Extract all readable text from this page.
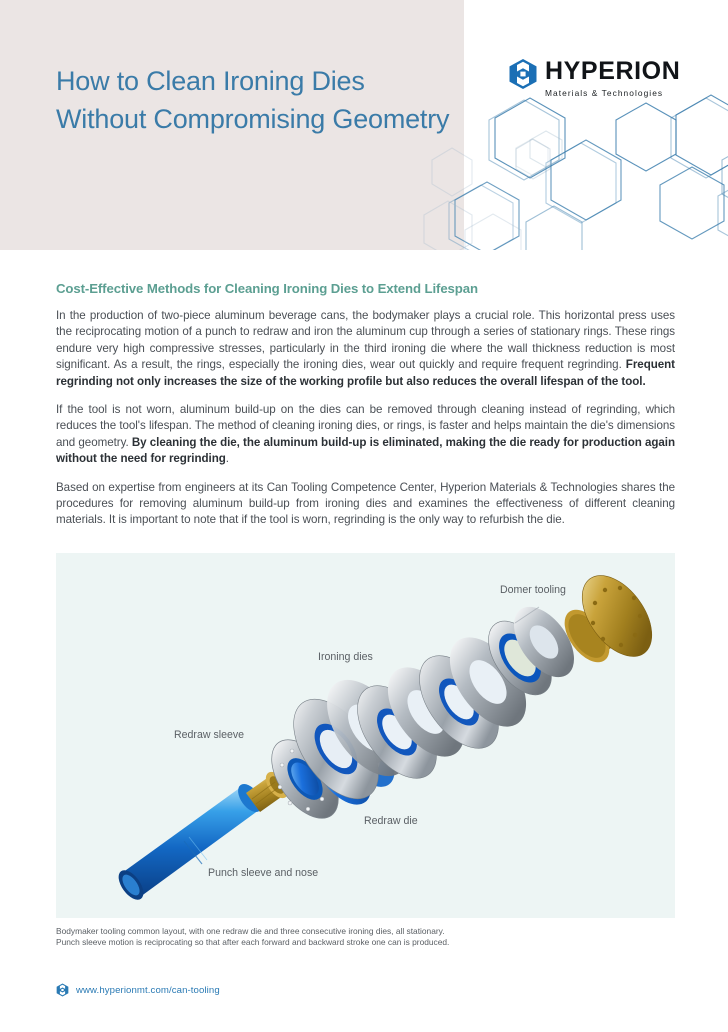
How to Clean Ironing Dies Without Compromising Geometry
HYPERION
Materials & Technologies
Cost-Effective Methods for Cleaning Ironing Dies to Extend Lifespan

In the production of two-piece aluminum beverage cans, the bodymaker plays a crucial role. This horizontal press uses the reciprocating motion of a punch to redraw and iron the aluminum cup through a series of stationary rings. These rings endure very high compressive stresses, particularly in the third ironing die where the wall thickness reduction is most significant. As a result, the rings, especially the ironing dies, wear out quickly and require frequent regrinding. Frequent regrinding not only increases the size of the working profile but also reduces the overall lifespan of the tool.

If the tool is not worn, aluminum build-up on the dies can be removed through cleaning instead of regrinding, which reduces the tool's lifespan. The method of cleaning ironing dies, or rings, is faster and helps maintain the die's dimensions and geometry. By cleaning the die, the aluminum build-up is eliminated, making the die ready for production again without the need for regrinding.

Based on expertise from engineers at its Can Tooling Competence Center, Hyperion Materials & Technologies shares the procedures for removing aluminum build-up from ironing dies and examines the effectiveness of different cleaning materials. It is important to note that if the tool is worn, regrinding is the only way to refurbish the die.

Domer tooling
Ironing dies
Redraw sleeve
Redraw die
Punch sleeve and nose
Bodymaker tooling common layout, with one redraw die and three consecutive ironing dies, all stationary.
Punch sleeve motion is reciprocating so that after each forward and backward stroke one can is produced.
www.hyperionmt.com/can-tooling
